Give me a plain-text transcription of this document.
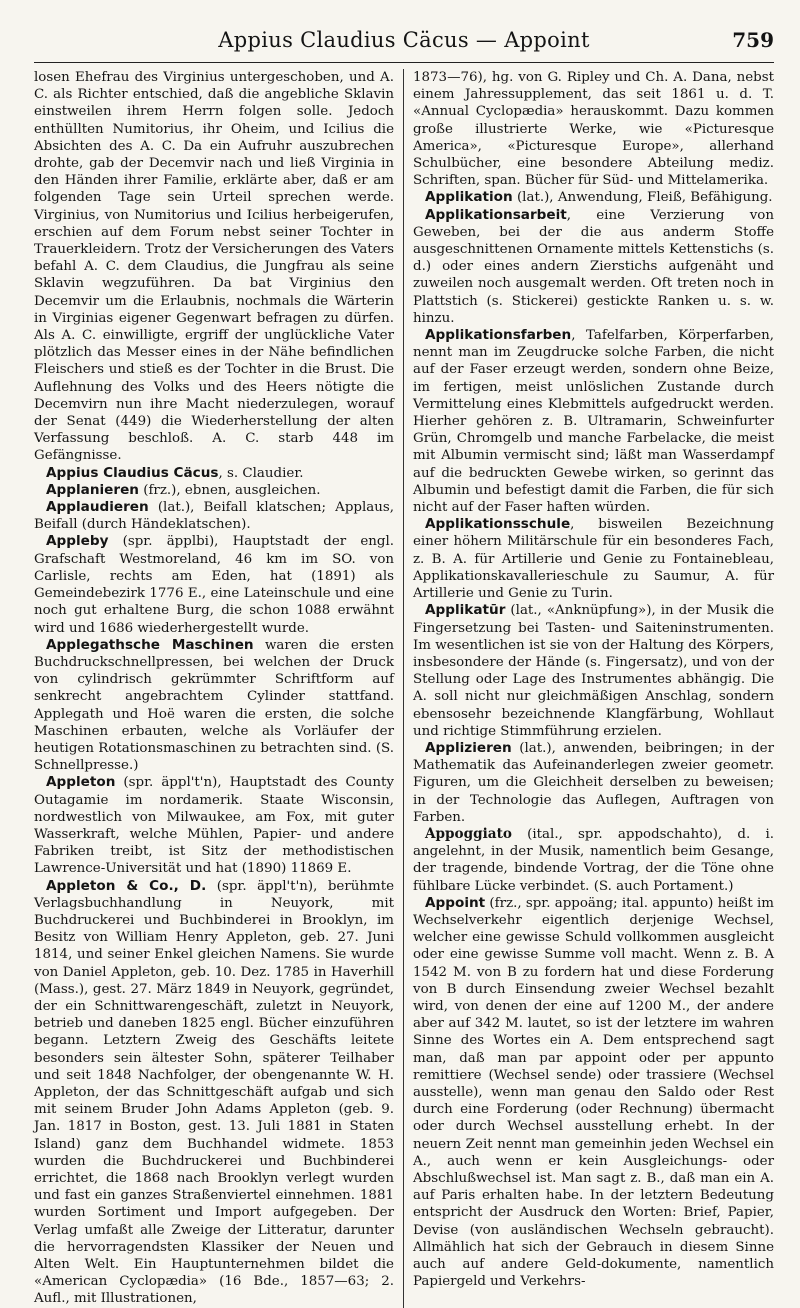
Appius Claudius Cäcus — Appoint	759

losen Ehefrau des Virginius untergeschoben, und A. C. als Richter entschied, daß die angebliche Sklavin einstweilen ihrem Herrn folgen solle. Jedoch enthüllten Numitorius, ihr Oheim, und Icilius die Absichten des A. C. Da ein Aufruhr auszubrechen drohte, gab der Decemvir nach und ließ Virginia in den Händen ihrer Familie, erklärte aber, daß er am folgenden Tage sein Urteil sprechen werde. Virginius, von Numitorius und Icilius herbeigerufen, erschien auf dem Forum nebst seiner Tochter in Trauerkleidern. Trotz der Versicherungen des Vaters befahl A. C. dem Claudius, die Jungfrau als seine Sklavin wegzuführen. Da bat Virginius den Decemvir um die Erlaubnis, nochmals die Wärterin in Virginias eigener Gegenwart befragen zu dürfen. Als A. C. einwilligte, ergriff der unglückliche Vater plötzlich das Messer eines in der Nähe befindlichen Fleischers und stieß es der Tochter in die Brust. Die Auflehnung des Volks und des Heers nötigte die Decemvirn nun ihre Macht niederzulegen, worauf der Senat (449) die Wiederherstellung der alten Verfassung beschloß. A. C. starb 448 im Gefängnisse.

Appius Claudius Cäcus, s. Claudier.

Applanieren (frz.), ebnen, ausgleichen.

Applaudieren (lat.), Beifall klatschen; Applaus, Beifall (durch Händeklatschen).

Appleby (spr. äpplbi), Hauptstadt der engl. Grafschaft Westmoreland, 46 km im SO. von Carlisle, rechts am Eden, hat (1891) als Gemeindebezirk 1776 E., eine Lateinschule und eine noch gut erhaltene Burg, die schon 1088 erwähnt wird und 1686 wiederhergestellt wurde.

Applegathsche Maschinen waren die ersten Buchdruckschnellpressen, bei welchen der Druck von cylindrisch gekrümmter Schriftform auf senkrecht angebrachtem Cylinder stattfand. Applegath und Hoë waren die ersten, die solche Maschinen erbauten, welche als Vorläufer der heutigen Rotationsmaschinen zu betrachten sind. (S. Schnellpresse.)

Appleton (spr. äppl't'n), Hauptstadt des County Outagamie im nordamerik. Staate Wisconsin, nordwestlich von Milwaukee, am Fox, mit guter Wasserkraft, welche Mühlen, Papier- und andere Fabriken treibt, ist Sitz der methodistischen Lawrence-Universität und hat (1890) 11869 E.

Appleton & Co., D. (spr. äppl't'n), berühmte Verlagsbuchhandlung in Neuyork, mit Buchdruckerei und Buchbinderei in Brooklyn, im Besitz von William Henry Appleton, geb. 27. Juni 1814, und seiner Enkel gleichen Namens. Sie wurde von Daniel Appleton, geb. 10. Dez. 1785 in Haverhill (Mass.), gest. 27. März 1849 in Neuyork, gegründet, der ein Schnittwarengeschäft, zuletzt in Neuyork, betrieb und daneben 1825 engl. Bücher einzuführen begann. Letztern Zweig des Geschäfts leitete besonders sein ältester Sohn, späterer Teilhaber und seit 1848 Nachfolger, der obengenannte W. H. Appleton, der das Schnittgeschäft aufgab und sich mit seinem Bruder John Adams Appleton (geb. 9. Jan. 1817 in Boston, gest. 13. Juli 1881 in Staten Island) ganz dem Buchhandel widmete. 1853 wurden die Buchdruckerei und Buchbinderei errichtet, die 1868 nach Brooklyn verlegt wurden und fast ein ganzes Straßenviertel einnehmen. 1881 wurden Sortiment und Import aufgegeben. Der Verlag umfaßt alle Zweige der Litteratur, darunter die hervorragendsten Klassiker der Neuen und Alten Welt. Ein Hauptunternehmen bildet die «American Cyclopædia» (16 Bde., 1857—63; 2. Aufl., mit Illustrationen,

1873—76), hg. von G. Ripley und Ch. A. Dana, nebst einem Jahressupplement, das seit 1861 u. d. T. «Annual Cyclopædia» herauskommt. Dazu kommen große illustrierte Werke, wie «Picturesque America», «Picturesque Europe», allerhand Schulbücher, eine besondere Abteilung mediz. Schriften, span. Bücher für Süd- und Mittelamerika.

Applikation (lat.), Anwendung, Fleiß, Befähigung.

Applikationsarbeit, eine Verzierung von Geweben, bei der die aus anderm Stoffe ausgeschnittenen Ornamente mittels Kettenstichs (s. d.) oder eines andern Zierstichs aufgenäht und zuweilen noch ausgemalt werden. Oft treten noch in Plattstich (s. Stickerei) gestickte Ranken u. s. w. hinzu.

Applikationsfarben, Tafelfarben, Körperfarben, nennt man im Zeugdrucke solche Farben, die nicht auf der Faser erzeugt werden, sondern ohne Beize, im fertigen, meist unlöslichen Zustande durch Vermittelung eines Klebmittels aufgedruckt werden. Hierher gehören z. B. Ultramarin, Schweinfurter Grün, Chromgelb und manche Farbelacke, die meist mit Albumin vermischt sind; läßt man Wasserdampf auf die bedruckten Gewebe wirken, so gerinnt das Albumin und befestigt damit die Farben, die für sich nicht auf der Faser haften würden.

Applikationsschule, bisweilen Bezeichnung einer höhern Militärschule für ein besonderes Fach, z. B. A. für Artillerie und Genie zu Fontainebleau, Applikationskavallerieschule zu Saumur, A. für Artillerie und Genie zu Turin.

Applikatūr (lat., «Anknüpfung»), in der Musik die Fingersetzung bei Tasten- und Saiteninstrumenten. Im wesentlichen ist sie von der Haltung des Körpers, insbesondere der Hände (s. Fingersatz), und von der Stellung oder Lage des Instrumentes abhängig. Die A. soll nicht nur gleichmäßigen Anschlag, sondern ebensosehr bezeichnende Klangfärbung, Wohllaut und richtige Stimmführung erzielen.

Applizieren (lat.), anwenden, beibringen; in der Mathematik das Aufeinanderlegen zweier geometr. Figuren, um die Gleichheit derselben zu beweisen; in der Technologie das Auflegen, Auftragen von Farben.

Appoggiato (ital., spr. appodschahto), d. i. angelehnt, in der Musik, namentlich beim Gesange, der tragende, bindende Vortrag, der die Töne ohne fühlbare Lücke verbindet. (S. auch Portament.)

Appoint (frz., spr. appoäng; ital. appunto) heißt im Wechselverkehr eigentlich derjenige Wechsel, welcher eine gewisse Schuld vollkommen ausgleicht oder eine gewisse Summe voll macht. Wenn z. B. A 1542 M. von B zu fordern hat und diese Forderung von B durch Einsendung zweier Wechsel bezahlt wird, von denen der eine auf 1200 M., der andere aber auf 342 M. lautet, so ist der letztere im wahren Sinne des Wortes ein A. Dem entsprechend sagt man, daß man par appoint oder per appunto remittiere (Wechsel sende) oder trassiere (Wechsel ausstelle), wenn man genau den Saldo oder Rest durch eine Forderung (oder Rechnung) übermacht oder durch Wechsel ausstellung erhebt. In der neuern Zeit nennt man gemeinhin jeden Wechsel ein A., auch wenn er kein Ausgleichungs- oder Abschlußwechsel ist. Man sagt z. B., daß man ein A. auf Paris erhalten habe. In der letztern Bedeutung entspricht der Ausdruck den Worten: Brief, Papier, Devise (von ausländischen Wechseln gebraucht). Allmählich hat sich der Gebrauch in diesem Sinne auch auf andere Geld-dokumente, namentlich Papiergeld und Verkehrs-
